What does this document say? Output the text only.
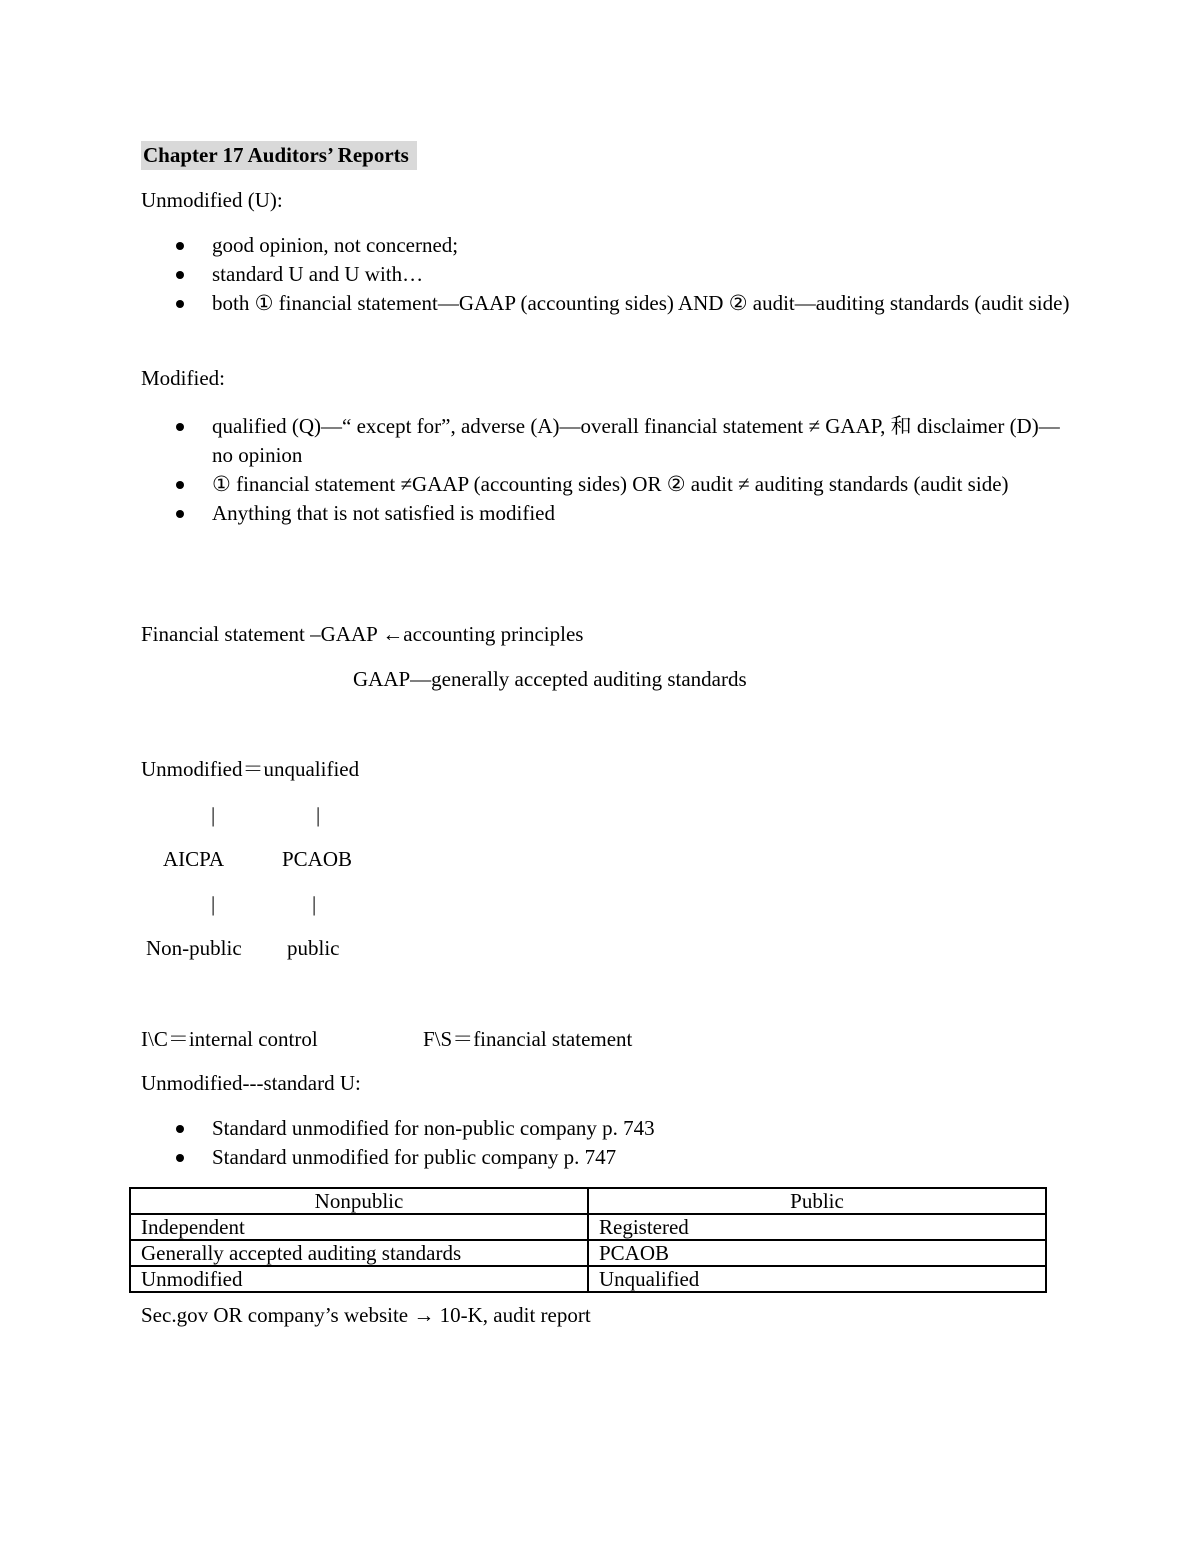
Chapter 17 Auditors’ Reports
Unmodified (U):
good opinion, not concerned;
standard U and U with…
both ① financial statement—GAAP (accounting sides) AND ② audit—auditing standards (audit side)
Modified:
qualified (Q)—“ except for”, adverse (A)—overall financial statement ≠ GAAP, 和 disclaimer (D)—no opinion
① financial statement ≠GAAP (accounting sides) OR ② audit ≠ auditing standards (audit side)
Anything that is not satisfied is modified
Financial statement –GAAP ←accounting principles
GAAP—generally accepted auditing standards
Unmodified＝unqualified
|	|
AICPA	PCAOB
|	|
Non-public public
I\C＝internal control	F\S＝financial statement
Unmodified---standard U:
Standard unmodified for non-public company p. 743
Standard unmodified for public company p. 747
Nonpublic	Public
Independent	Registered
Generally accepted auditing standards	PCAOB
Unmodified	Unqualified
Sec.gov OR company’s website → 10-K, audit report
